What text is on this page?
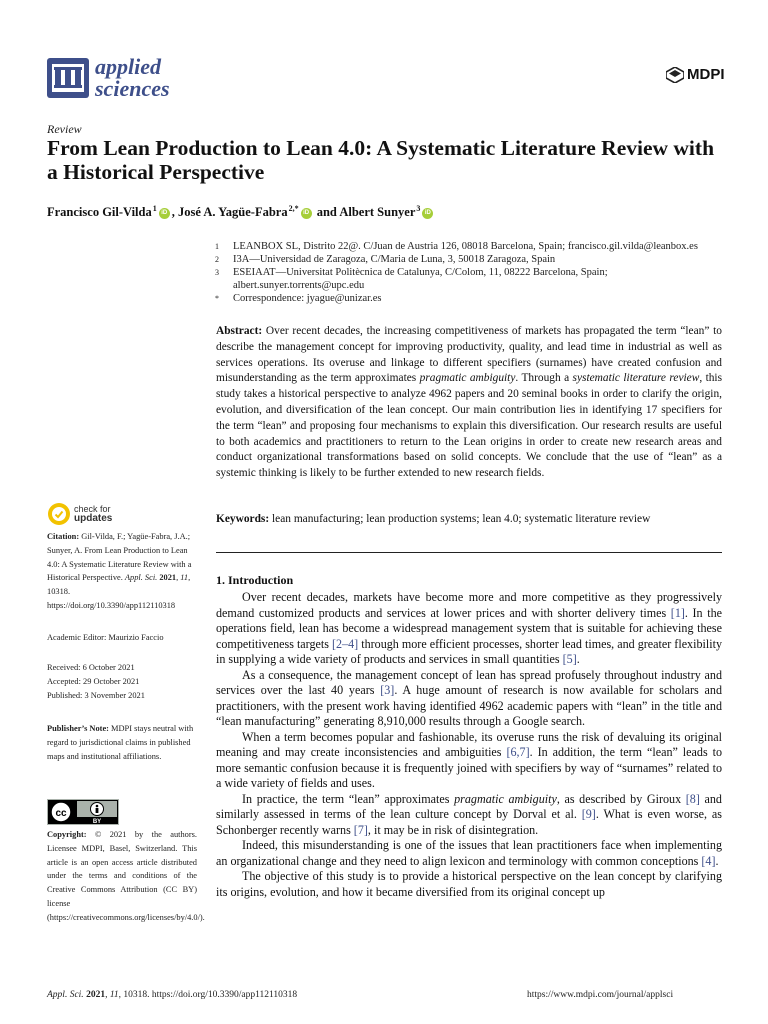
applied
sciences
MDPI
Review
From Lean Production to Lean 4.0: A Systematic Literature Review with a Historical Perspective
Francisco Gil-Vilda$^1$ iD , José A. Yagüe-Fabra$^{2,*}$ iD and Albert Sunyer$^3$ iD
1	LEANBOX SL, Distrito 22@. C/Juan de Austria 126, 08018 Barcelona, Spain; francisco.gil.vilda@leanbox.es
2	I3A—Universidad de Zaragoza, C/Maria de Luna, 3, 50018 Zaragoza, Spain
3	ESEIAAT—Universitat Politècnica de Catalunya, C/Colom, 11, 08222 Barcelona, Spain; albert.sunyer.torrents@upc.edu
*	Correspondence: jyague@unizar.es
Abstract: Over recent decades, the increasing competitiveness of markets has propagated the term “lean” to describe the management concept for improving productivity, quality, and lead time in industrial as well as services operations. Its overuse and linkage to different specifiers (surnames) have created confusion and misunderstanding as the term approximates pragmatic ambiguity. Through a systematic literature review, this study takes a historical perspective to analyze 4962 papers and 20 seminal books in order to clarify the origin, evolution, and diversification of the lean concept. Our main contribution lies in identifying 17 specifiers for the term “lean” and proposing four mechanisms to explain this diversification. Our research results are useful to both academics and practitioners to return to the Lean origins in order to create new research areas and conduct organizational transformations based on solid concepts. We conclude that the use of “lean” as a systemic thinking is likely to be further extended to new research fields.
Keywords: lean manufacturing; lean production systems; lean 4.0; systematic literature review
check for
updates
Citation: Gil-Vilda, F.; Yagüe-Fabra, J.A.; Sunyer, A. From Lean Production to Lean 4.0: A Systematic Literature Review with a Historical Perspective. Appl. Sci. 2021, 11, 10318. https://doi.org/10.3390/app112110318
Academic Editor: Maurizio Faccio
Received: 6 October 2021
Accepted: 29 October 2021
Published: 3 November 2021
Publisher’s Note: MDPI stays neutral with regard to jurisdictional claims in published maps and institutional affiliations.
cc
BY
Copyright: © 2021 by the authors. Licensee MDPI, Basel, Switzerland. This article is an open access article distributed under the terms and conditions of the Creative Commons Attribution (CC BY) license (https://creativecommons.org/licenses/by/4.0/).
1. Introduction

Over recent decades, markets have become more and more competitive as they progressively demand customized products and services at lower prices and with shorter delivery times [1]. In the operations field, lean has become a widespread management system that is suitable for achieving these competitiveness targets [2–4] through more efficient processes, shorter lead times, and greater flexibility in supplying a wide variety of products and services in small quantities [5].

As a consequence, the management concept of lean has spread profusely throughout industry and services over the last 40 years [3]. A huge amount of research is now available for scholars and practitioners, with the present work having identified 4962 academic papers with “lean” in the title and “lean manufacturing” generating 8,910,000 results through a Google search.

When a term becomes popular and fashionable, its overuse runs the risk of devaluing its original meaning and may create inconsistencies and ambiguities [6,7]. In addition, the term “lean” leads to more semantic confusion because it is frequently joined with specifiers by way of “surnames” related to a wide variety of fields and uses.

In practice, the term “lean” approximates pragmatic ambiguity, as described by Giroux [8] and similarly assessed in terms of the lean culture concept by Dorval et al. [9]. What is even worse, as Schonberger recently warns [7], it may be in risk of disintegration.

Indeed, this misunderstanding is one of the issues that lean practitioners face when implementing an organizational change and they need to align lexicon and terminology with common conceptions [4].

The objective of this study is to provide a historical perspective on the lean concept by clarifying its origins, evolution, and how it became diversified from its original concept up

Appl. Sci. 2021, 11, 10318. https://doi.org/10.3390/app112110318	https://www.mdpi.com/journal/applsci
